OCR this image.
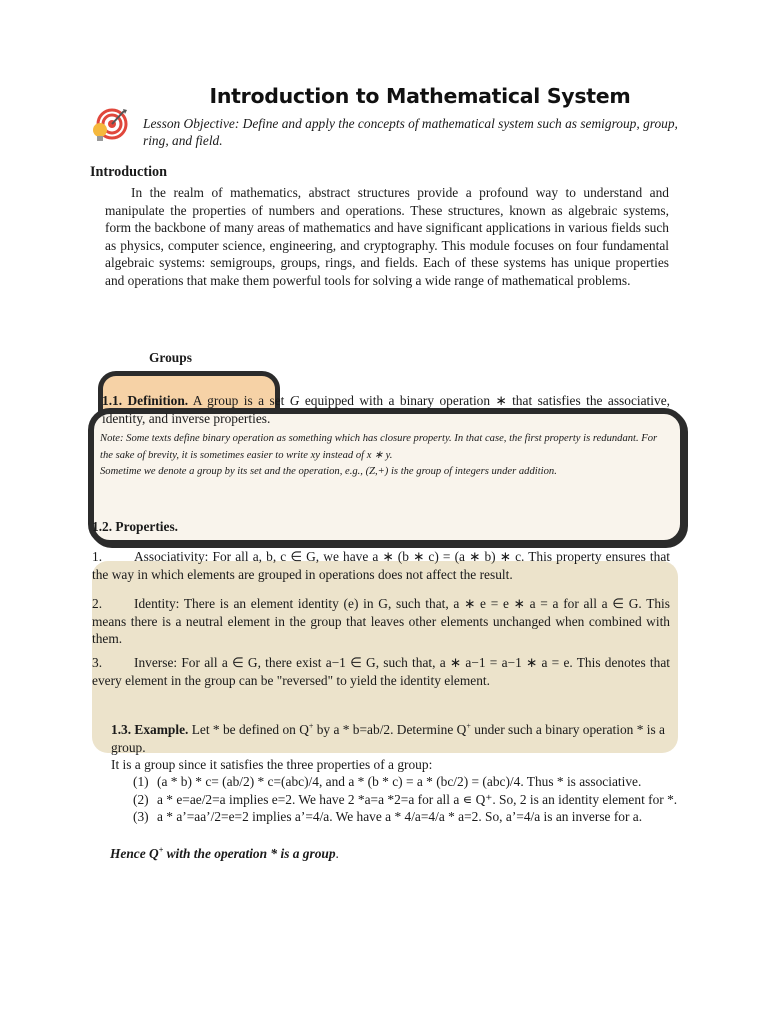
Introduction to Mathematical System
Lesson Objective: Define and apply the concepts of mathematical system such as semigroup, group, ring, and field.
Introduction
In the realm of mathematics, abstract structures provide a profound way to understand and manipulate the properties of numbers and operations. These structures, known as algebraic systems, form the backbone of many areas of mathematics and have significant applications in various fields such as physics, computer science, engineering, and cryptography. This module focuses on four fundamental algebraic systems: semigroups, groups, rings, and fields. Each of these systems has unique properties and operations that make them powerful tools for solving a wide range of mathematical problems.
Groups
1.1. Definition. A group is a set G equipped with a binary operation ∗ that satisfies the associative, identity, and inverse properties.
Note: Some texts define binary operation as something which has closure property. In that case, the first property is redundant. For the sake of brevity, it is sometimes easier to write xy instead of x ∗ y.
Sometime we denote a group by its set and the operation, e.g., (Z,+) is the group of integers under addition.
1.2. Properties.
1. Associativity: For all a, b, c ∈ G, we have a ∗ (b ∗ c) = (a ∗ b) ∗ c. This property ensures that the way in which elements are grouped in operations does not affect the result.
2. Identity: There is an element identity (e) in G, such that, a ∗ e = e ∗ a = a for all a ∈ G. This means there is a neutral element in the group that leaves other elements unchanged when combined with them.
3. Inverse: For all a ∈ G, there exist a−1 ∈ G, such that, a ∗ a−1 = a−1 ∗ a = e. This denotes that every element in the group can be "reversed" to yield the identity element.
1.3. Example. Let * be defined on Q+ by a * b=ab/2. Determine Q+ under such a binary operation * is a group.
It is a group since it satisfies the three properties of a group:
(1) (a * b) * c= (ab/2) * c=(abc)/4, and a * (b * c) = a * (bc/2) = (abc)/4. Thus * is associative.
(2) a * e=ae/2=a implies e=2. We have 2 *a=a *2=a for all a ∊ Q⁺. So, 2 is an identity element for *.
(3) a * a’=aa’/2=e=2 implies a’=4/a. We have a * 4/a=4/a * a=2. So, a’=4/a is an inverse for a.
Hence Q+ with the operation * is a group.
